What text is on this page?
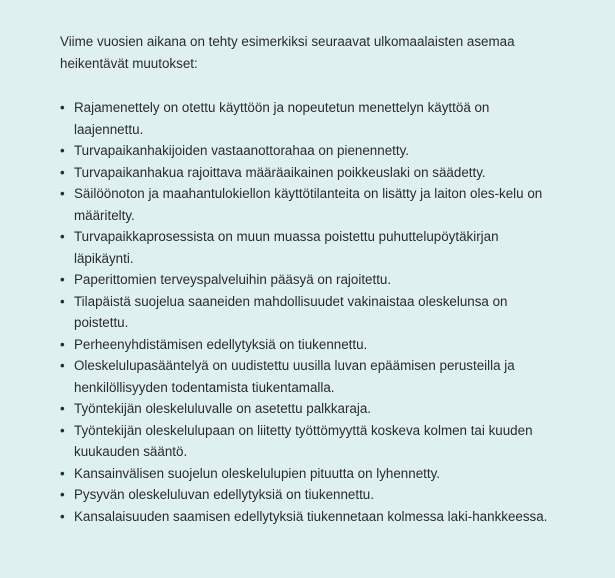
Viime vuosien aikana on tehty esimerkiksi seuraavat ulkomaalaisten asemaa heikentävät muutokset:

• Rajamenettely on otettu käyttöön ja nopeutetun menettelyn käyttöä on laajennettu.
• Turvapaikanhakijoiden vastaanottorahaa on pienennetty.
• Turvapaikanhakua rajoittava määräaikainen poikkeuslaki on säädetty.
• Säilöönoton ja maahantulokiellon käyttötilanteita on lisätty ja laiton oles-kelu on määritelty.
• Turvapaikkaprosessista on muun muassa poistettu puhuttelupöytäkirjan läpikäynti.
• Paperittomien terveyspalveluihin pääsyä on rajoitettu.
• Tilapäistä suojelua saaneiden mahdollisuudet vakinaistaa oleskelunsa on poistettu.
• Perheenyhdistämisen edellytyksiä on tiukennettu.
• Oleskelulupasääntelyä on uudistettu uusilla luvan epäämisen perusteilla ja henkilöllisyyden todentamista tiukentamalla.
• Työntekijän oleskeluluvalle on asetettu palkkaraja.
• Työntekijän oleskelulupaan on liitetty työttömyyttä koskeva kolmen tai kuuden kuukauden sääntö.
• Kansainvälisen suojelun oleskelulupien pituutta on lyhennetty.
• Pysyvän oleskeluluvan edellytyksiä on tiukennettu.
• Kansalaisuuden saamisen edellytyksiä tiukennetaan kolmessa laki-hankkeessa.
